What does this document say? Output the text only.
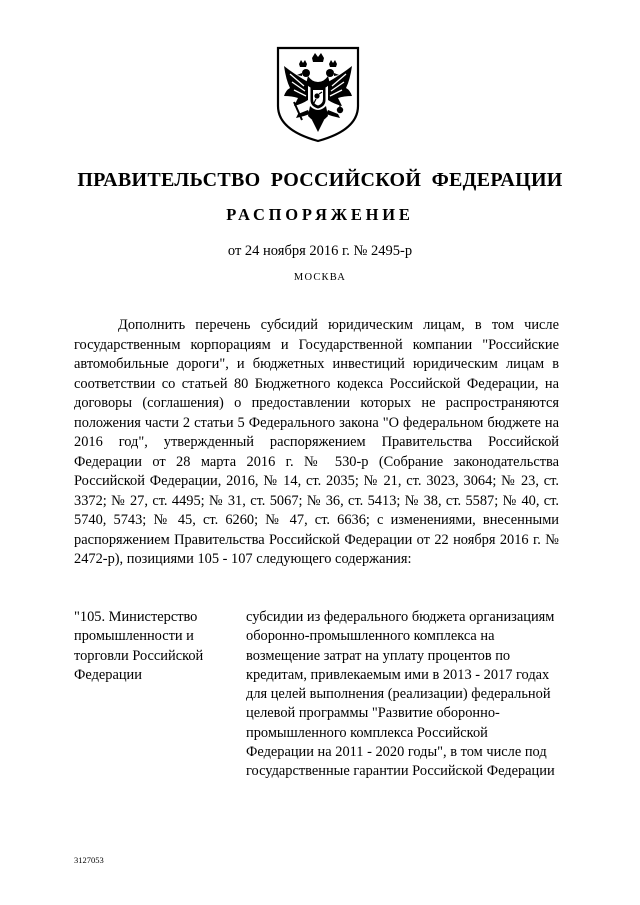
ПРАВИТЕЛЬСТВО РОССИЙСКОЙ ФЕДЕРАЦИИ
РАСПОРЯЖЕНИЕ
от 24 ноября 2016 г. № 2495-р
МОСКВА

Дополнить перечень субсидий юридическим лицам, в том числе государственным корпорациям и Государственной компании "Российские автомобильные дороги", и бюджетных инвестиций юридическим лицам в соответствии со статьей 80 Бюджетного кодекса Российской Федерации, на договоры (соглашения) о предоставлении которых не распространяются положения части 2 статьи 5 Федерального закона "О федеральном бюджете на 2016 год", утвержденный распоряжением Правительства Российской Федерации от 28 марта 2016 г. № 530-р (Собрание законодательства Российской Федерации, 2016, № 14, ст. 2035; № 21, ст. 3023, 3064; № 23, ст. 3372; № 27, ст. 4495; № 31, ст. 5067; № 36, ст. 5413; № 38, ст. 5587; № 40, ст. 5740, 5743; № 45, ст. 6260; № 47, ст. 6636; с изменениями, внесенными распоряжением Правительства Российской Федерации от 22 ноября 2016 г. № 2472-р), позициями 105 - 107 следующего содержания:

"105. Министерство промышленности и торговли Российской Федерации

субсидии из федерального бюджета организациям оборонно-промышленного комплекса на возмещение затрат на уплату процентов по кредитам, привлекаемым ими в 2013 - 2017 годах для целей выполнения (реализации) федеральной целевой программы "Развитие оборонно-промышленного комплекса Российской Федерации на 2011 - 2020 годы", в том числе под государственные гарантии Российской Федерации

3127053
